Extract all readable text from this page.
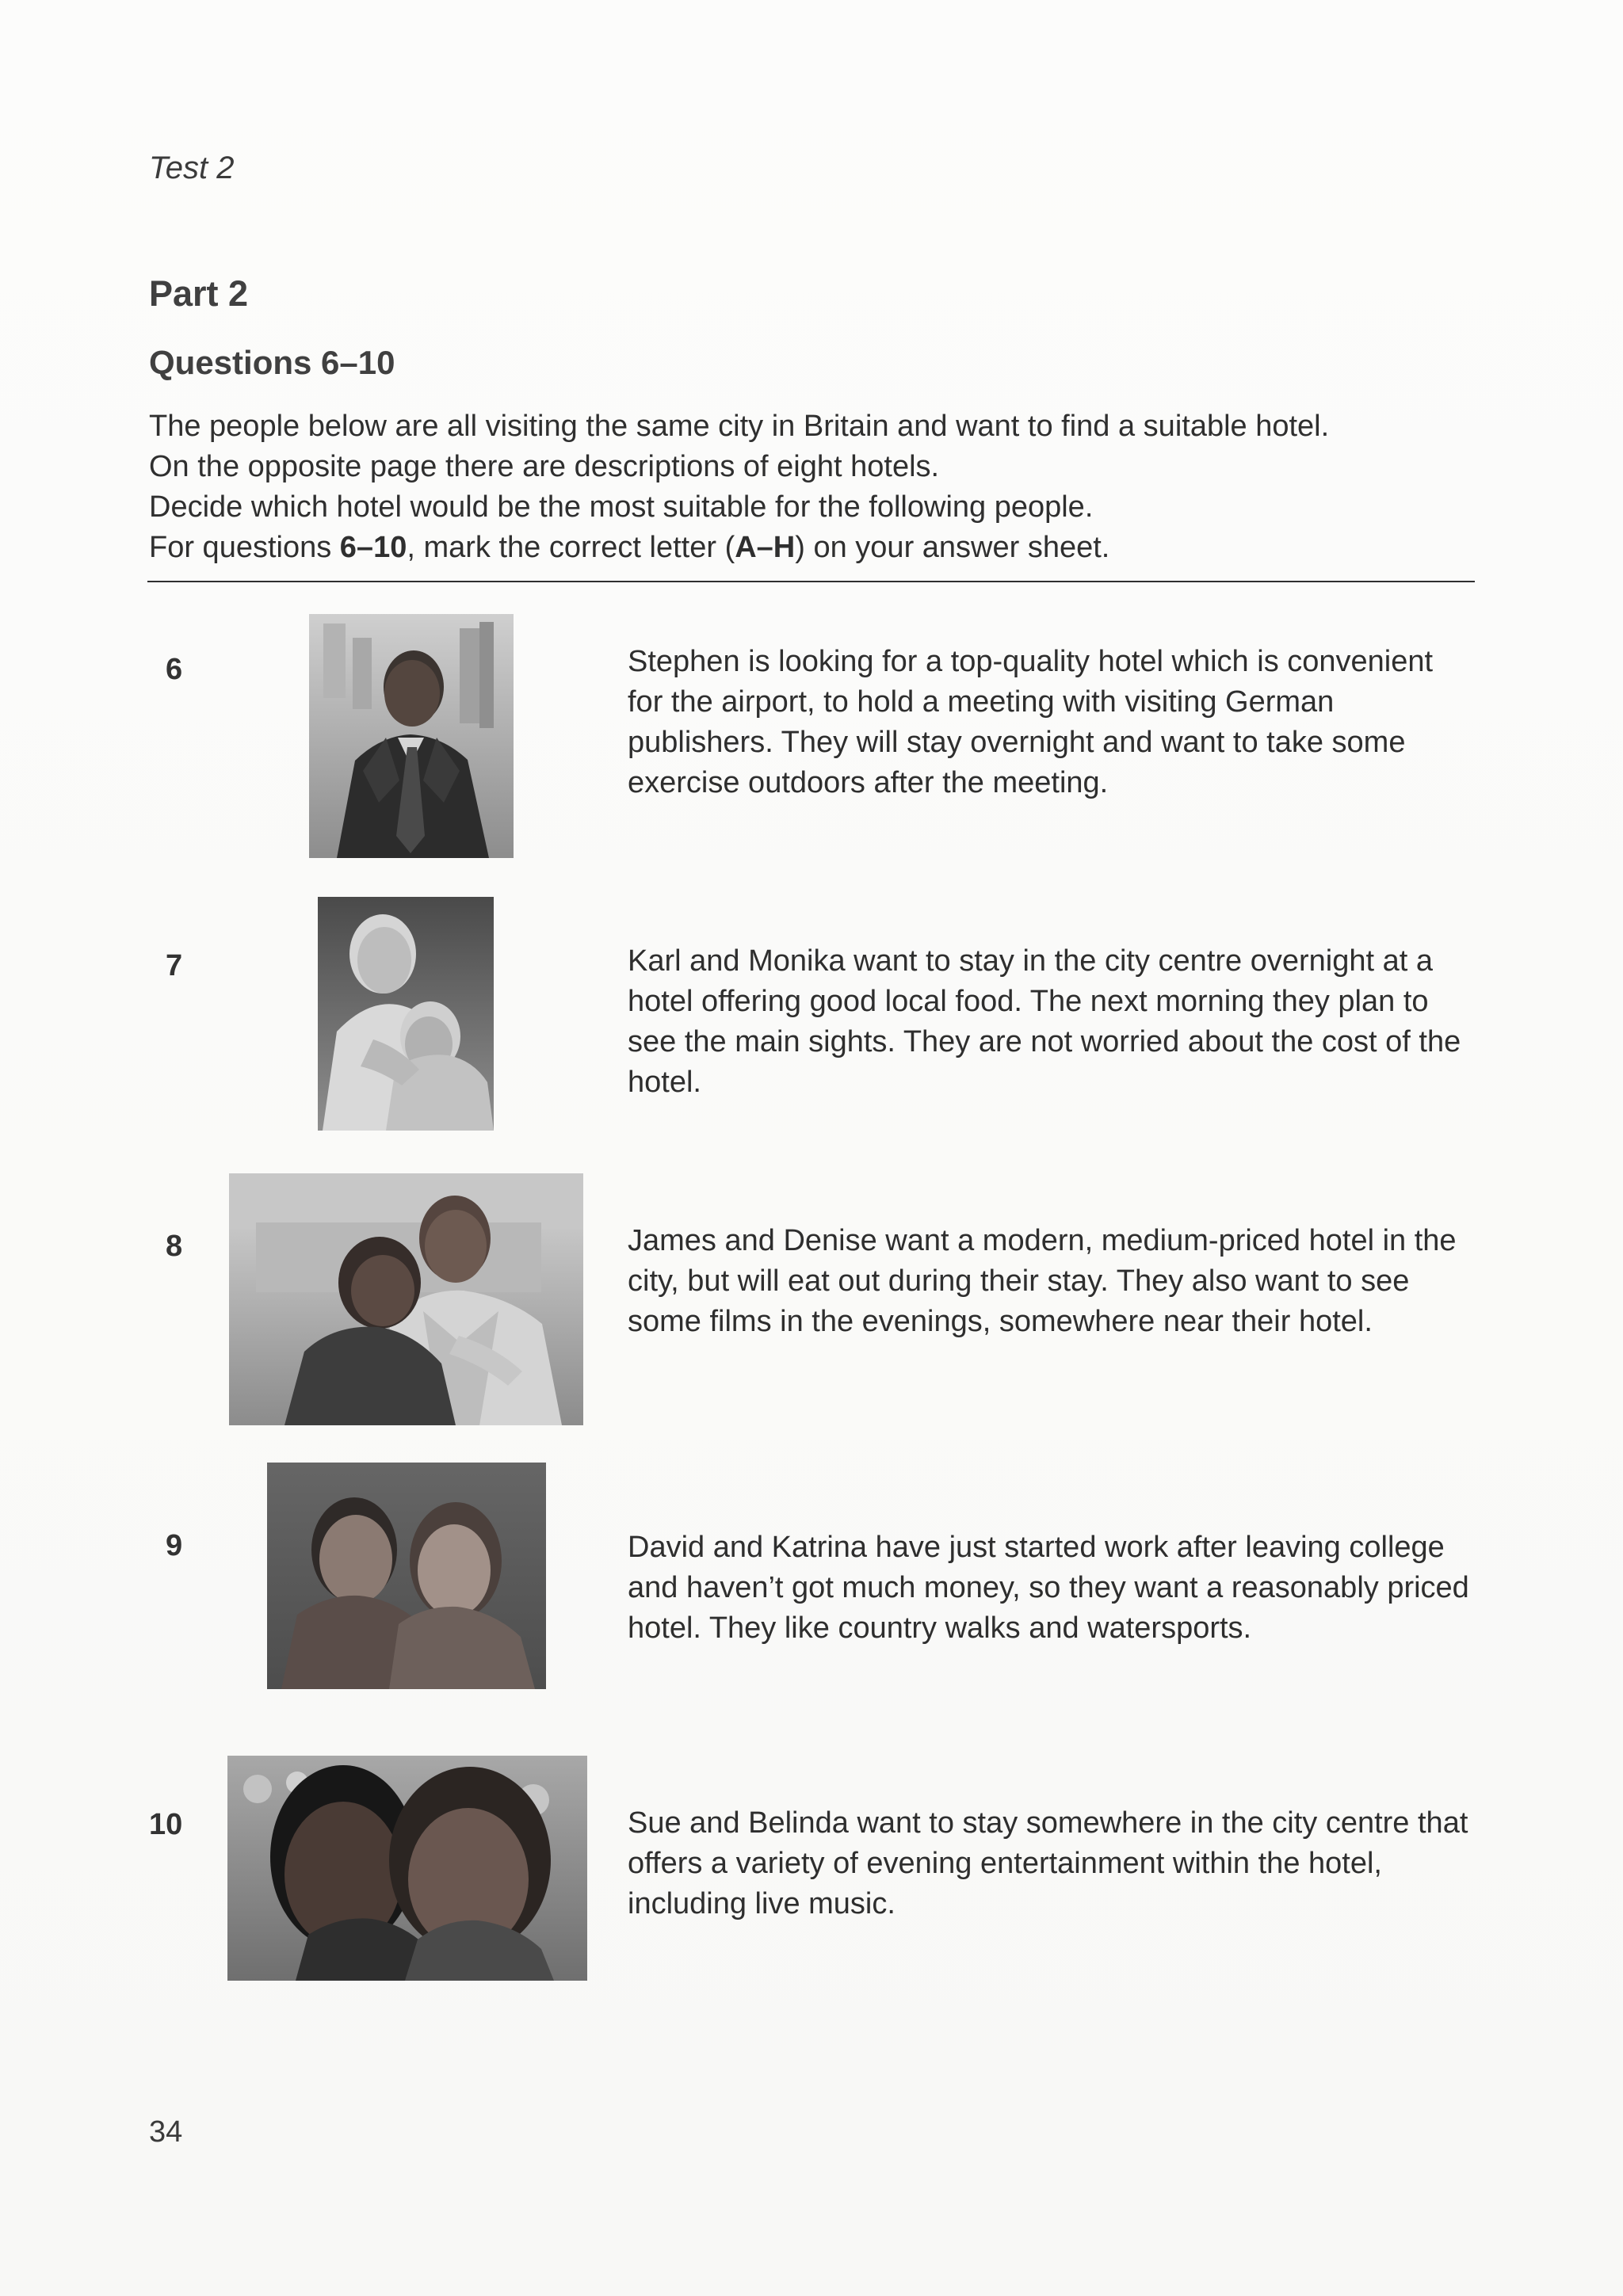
Test 2
Part 2
Questions 6–10

The people below are all visiting the same city in Britain and want to find a suitable hotel.

On the opposite page there are descriptions of eight hotels.

Decide which hotel would be the most suitable for the following people.

For questions 6–10, mark the correct letter (A–H) on your answer sheet.

6	Stephen is looking for a top-quality hotel which is convenient for the airport, to hold a meeting with visiting German publishers. They will stay overnight and want to take some exercise outdoors after the meeting.
7	Karl and Monika want to stay in the city centre overnight at a hotel offering good local food. The next morning they plan to see the main sights. They are not worried about the cost of the hotel.
8	James and Denise want a modern, medium-priced hotel in the city, but will eat out during their stay. They also want to see some films in the evenings, somewhere near their hotel.
9	David and Katrina have just started work after leaving college and haven’t got much money, so they want a reasonably priced hotel. They like country walks and watersports.
10	Sue and Belinda want to stay somewhere in the city centre that offers a variety of evening entertainment within the hotel, including live music.
34
